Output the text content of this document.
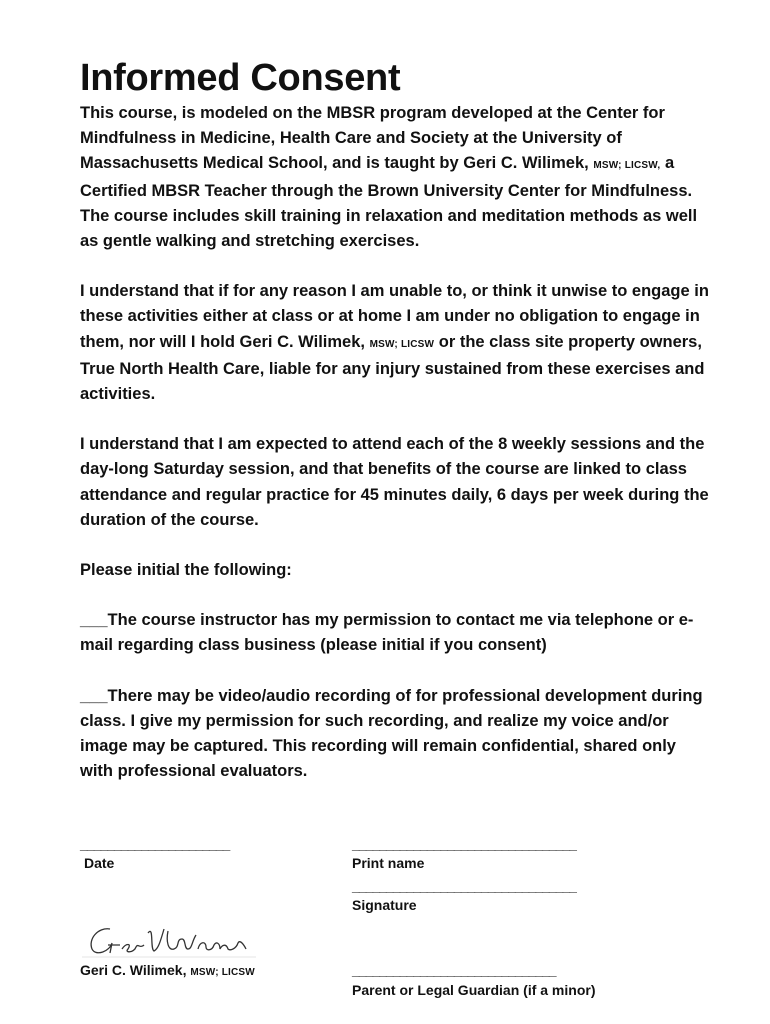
Informed Consent

This course, is modeled on the MBSR program developed at the Center for Mindfulness in Medicine, Health Care and Society at the University of Massachusetts Medical School, and is taught by Geri C. Wilimek, MSW; LICSW, a Certified MBSR Teacher through the Brown University Center for Mindfulness. The course includes skill training in relaxation and meditation methods as well as gentle walking and stretching exercises.

I understand that if for any reason I am unable to, or think it unwise to engage in these activities either at class or at home I am under no obligation to engage in them, nor will I hold Geri C. Wilimek, MSW; LICSW or the class site property owners, True North Health Care, liable for any injury sustained from these exercises and activities.

I understand that I am expected to attend each of the 8 weekly sessions and the day-long Saturday session, and that benefits of the course are linked to class attendance and regular practice for 45 minutes daily, 6 days per week during the duration of the course.

Please initial the following:

___The course instructor has my permission to contact me via telephone or e-mail regarding class business (please initial if you consent)

___There may be video/audio recording of for professional development during class. I give my permission for such recording, and realize my voice and/or image may be captured. This recording will remain confidential, shared only with professional evaluators.

______________________
Date
_________________________________
Print name
_________________________________
Signature
Geri C. Wilimek, MSW; LICSW	______________________________
Parent or Legal Guardian (if a minor)
